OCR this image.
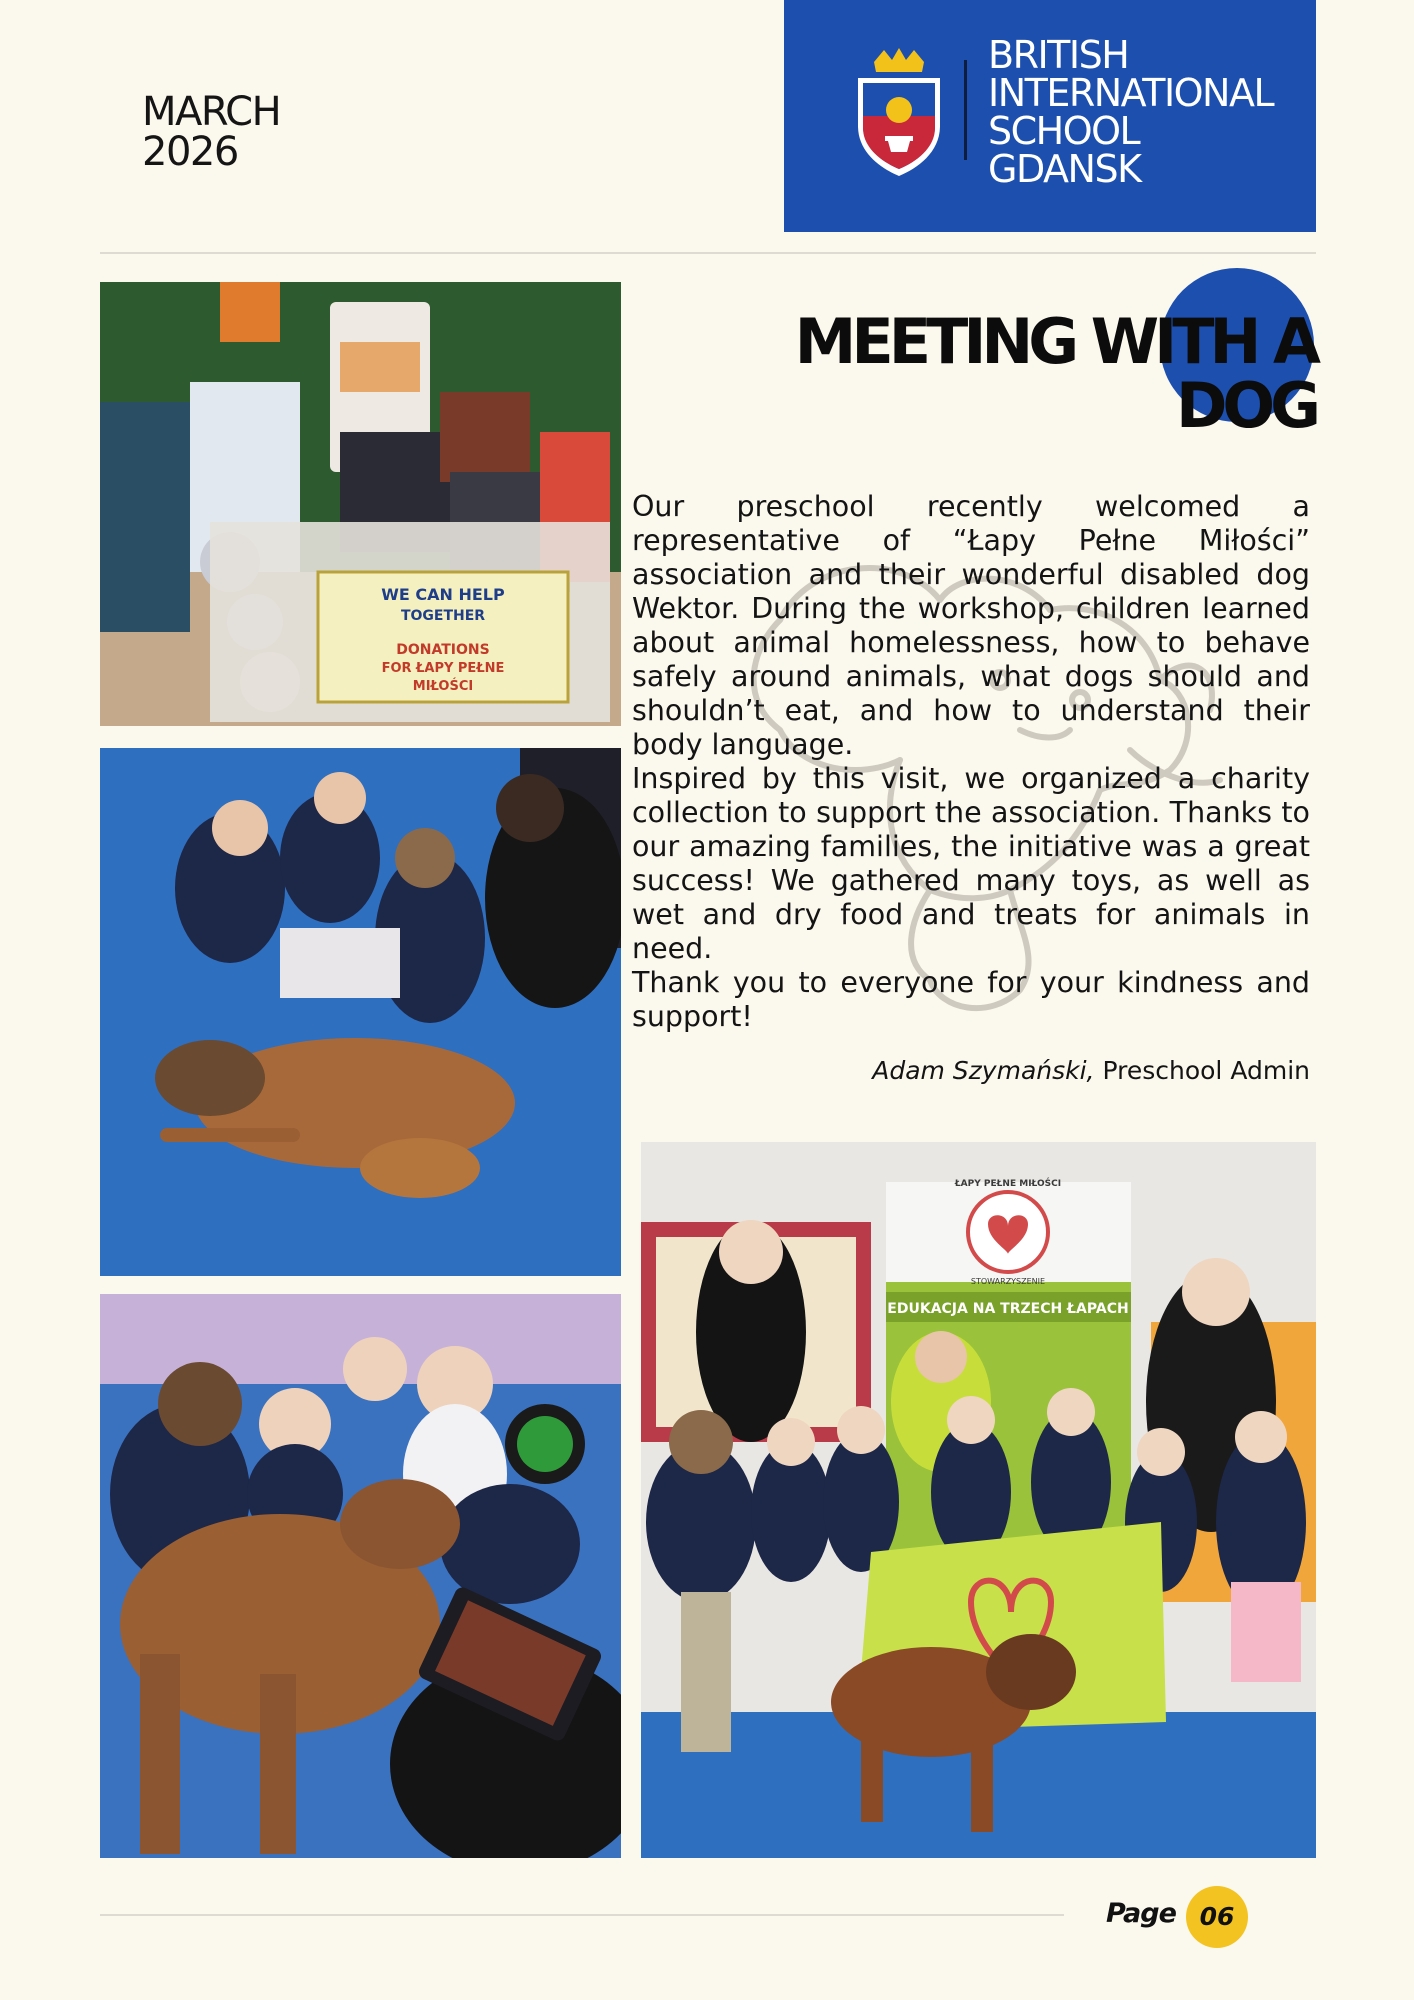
MARCH
2026
BRITISH
INTERNATIONAL
SCHOOL
GDANSK
WE CAN HELP
TOGETHER
DONATIONS
FOR ŁAPY PEŁNE
MIŁOŚCI
MEETING WITH A
DOG

Our preschool recently welcomed a representative of “Łapy Pełne Miłości” association and their wonderful disabled dog Wektor. During the workshop, children learned about animal homelessness, how to behave safely around animals, what dogs should and shouldn’t eat, and how to understand their body language.

Inspired by this visit, we organized a charity collection to support the association. Thanks to our amazing families, the initiative was a great success! We gathered many toys, as well as wet and dry food and treats for animals in need.

Thank you to everyone for your kindness and support!

Adam Szymański, Preschool Admin
ŁAPY PEŁNE MIŁOŚCI
STOWARZYSZENIE
EDUKACJA NA TRZECH ŁAPACH
Page 06
